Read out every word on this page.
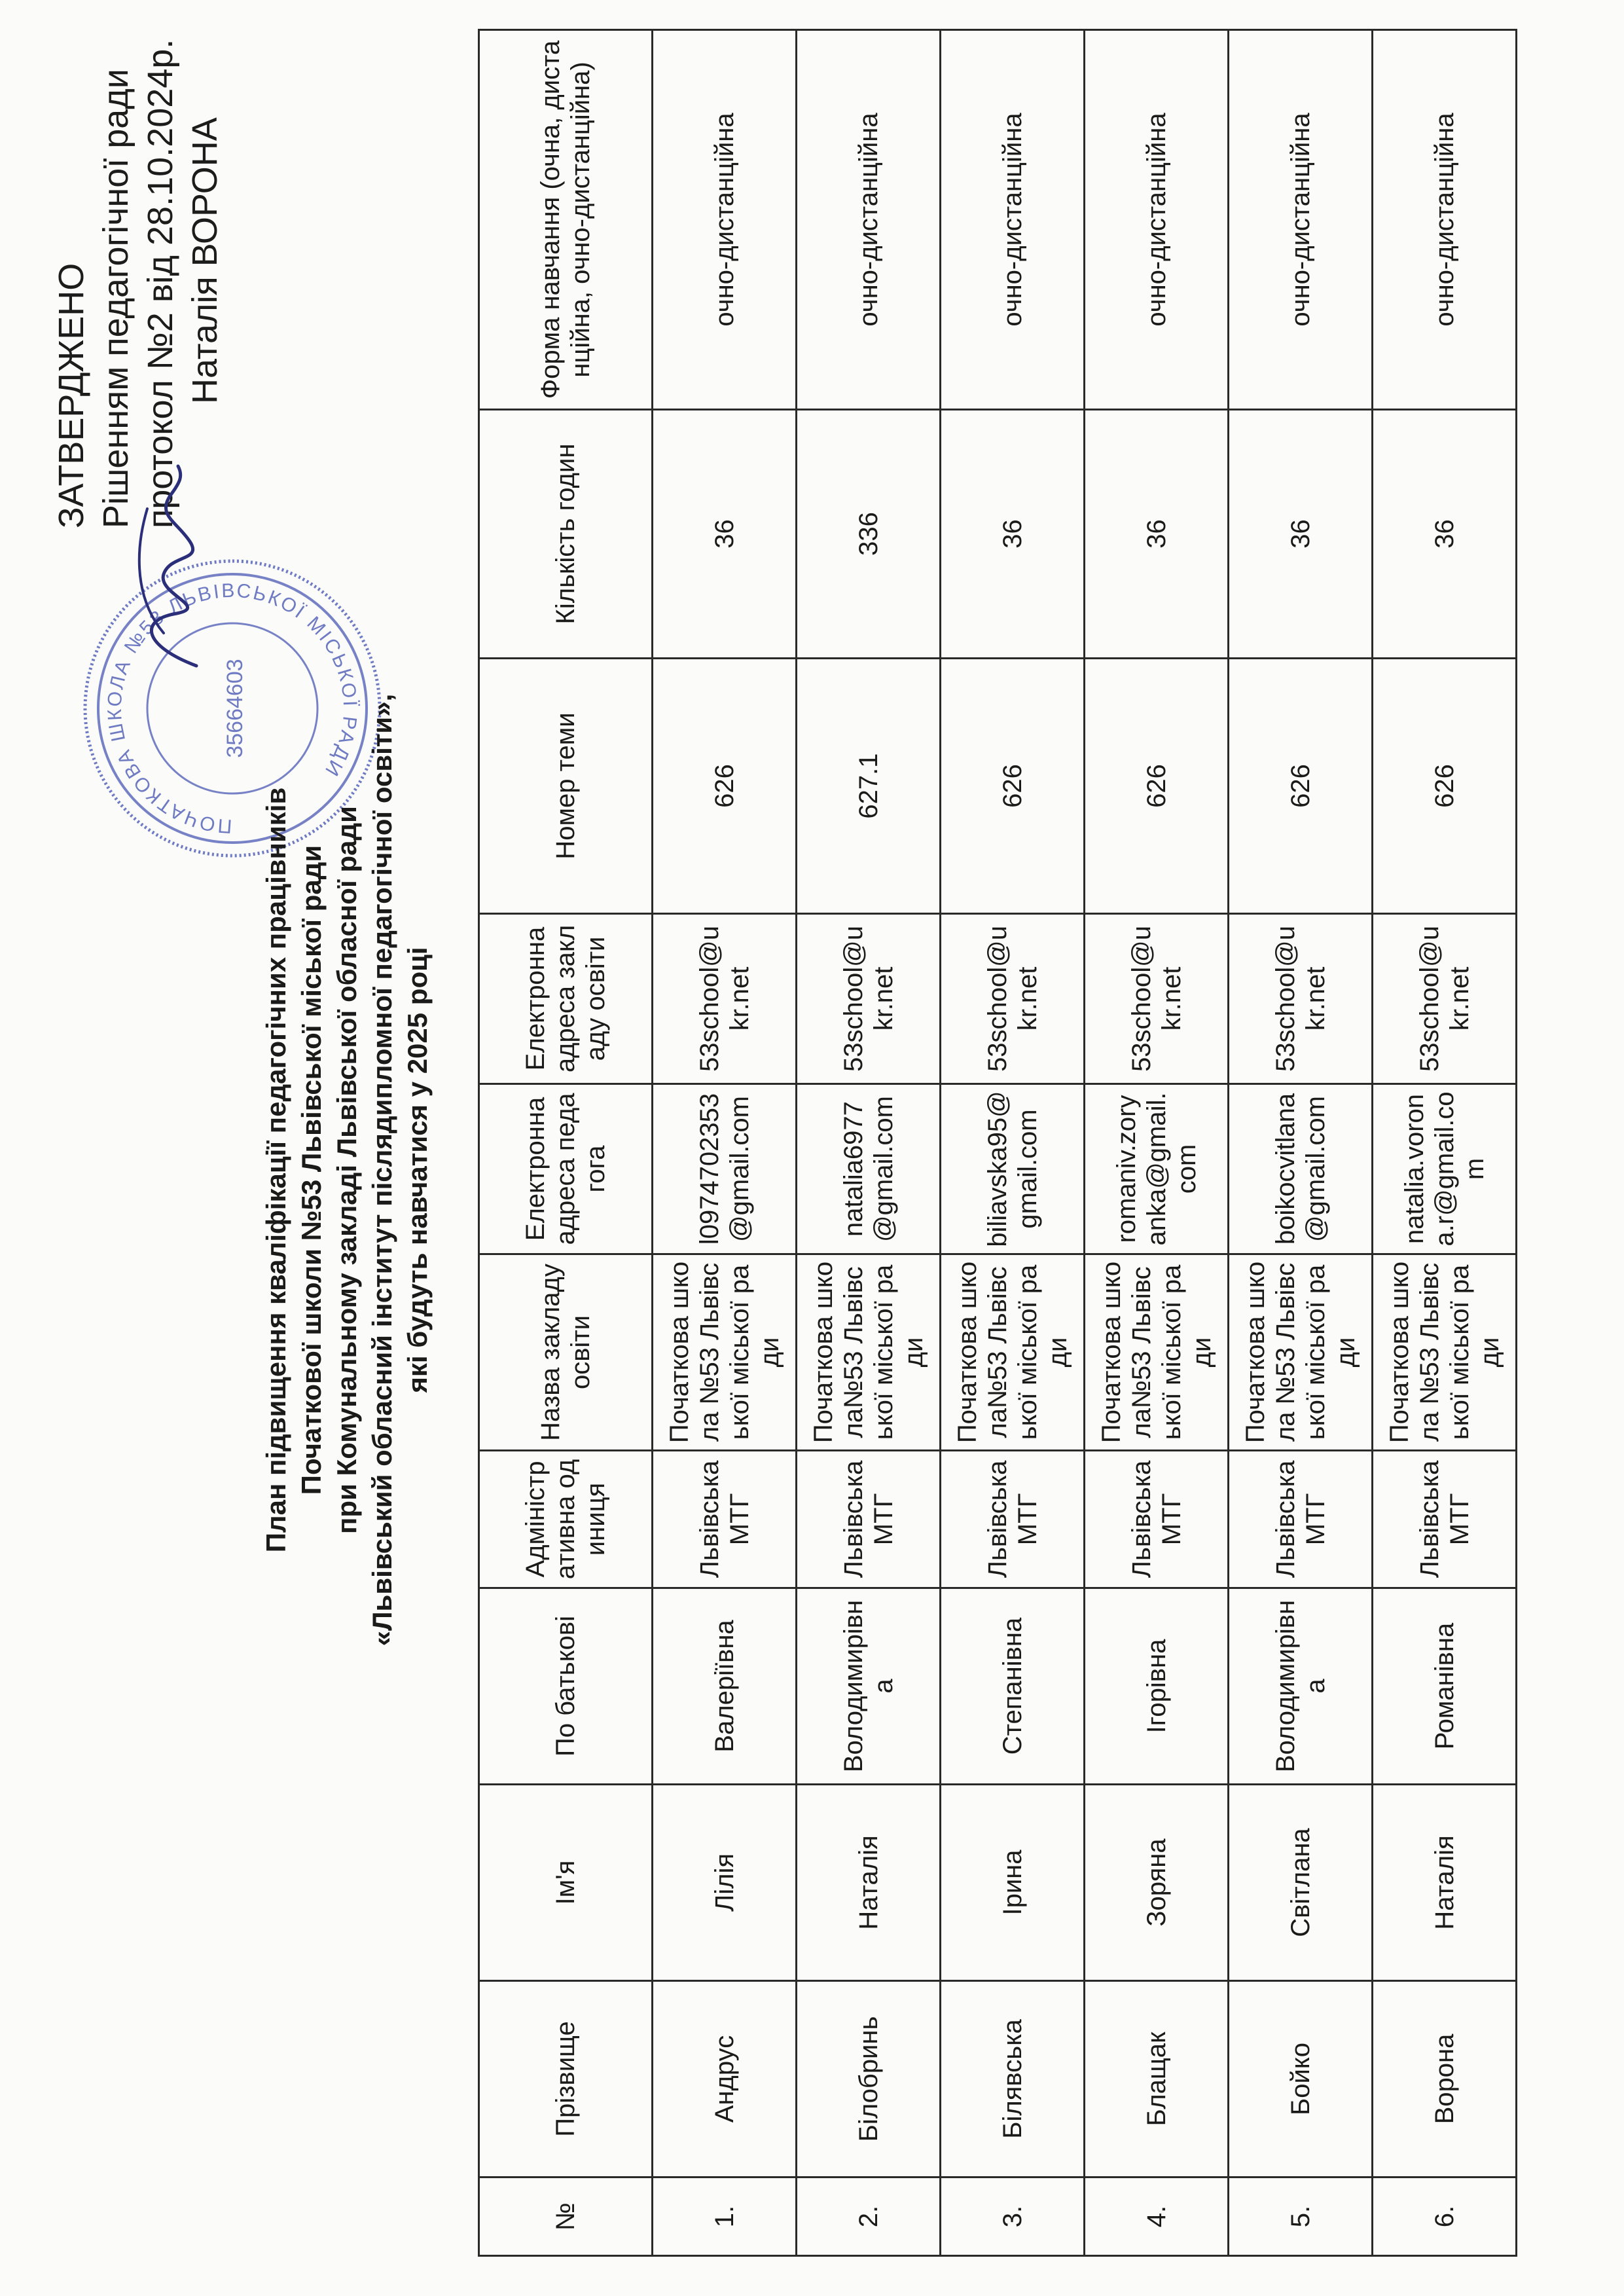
ЗАТВЕРДЖЕНО Рішенням педагогічної ради протокол №2 від 28.10.2024р. Наталія ВОРОНА
ПОЧАТКОВА ШКОЛА №53 ЛЬВІВСЬКОЇ МІСЬКОЇ РАДИ
35664603
План підвищення кваліфікації педагогічних працівників Початкової школи №53 Львівської міської ради при Комунальному закладі Львівської обласної ради «Львівський обласний інститут післядипломної педагогічної освіти», які будуть навчатися у 2025 році
№	Прізвище	Ім'я	По батькові	Адміністративна одиниця	Назва закладу освіти	Електронна адреса педагога	Електронна адреса закладу освіти	Номер теми	Кількість годин	Форма навчання (очна, дистанційна, очно-дистанційна)
1.	Андрус	Лілія	Валеріївна	Львівська МТГ	Початкова школа №53 Львівської міської ради	l0974702353@gmail.com	53school@ukr.net	626	36	очно-дистанційна
2.	Білобринь	Наталія	Володимирівна	Львівська МТГ	Початкова школа№53 Львівської міської ради	natalia6977@gmail.com	53school@ukr.net	627.1	336	очно-дистанційна
3.	Білявська	Ірина	Степанівна	Львівська МТГ	Початкова школа№53 Львівської міської ради	biliavska95@gmail.com	53school@ukr.net	626	36	очно-дистанційна
4.	Блащак	Зоряна	Ігорівна	Львівська МТГ	Початкова школа№53 Львівської міської ради	romaniv.zoryanka@gmail.com	53school@ukr.net	626	36	очно-дистанційна
5.	Бойко	Світлана	Володимирівна	Львівська МТГ	Початкова школа №53 Львівської міської ради	boikocvitlana@gmail.com	53school@ukr.net	626	36	очно-дистанційна
6.	Ворона	Наталія	Романівна	Львівська МТГ	Початкова школа №53 Львівської міської ради	natalia.vorona.r@gmail.com	53school@ukr.net	626	36	очно-дистанційна
